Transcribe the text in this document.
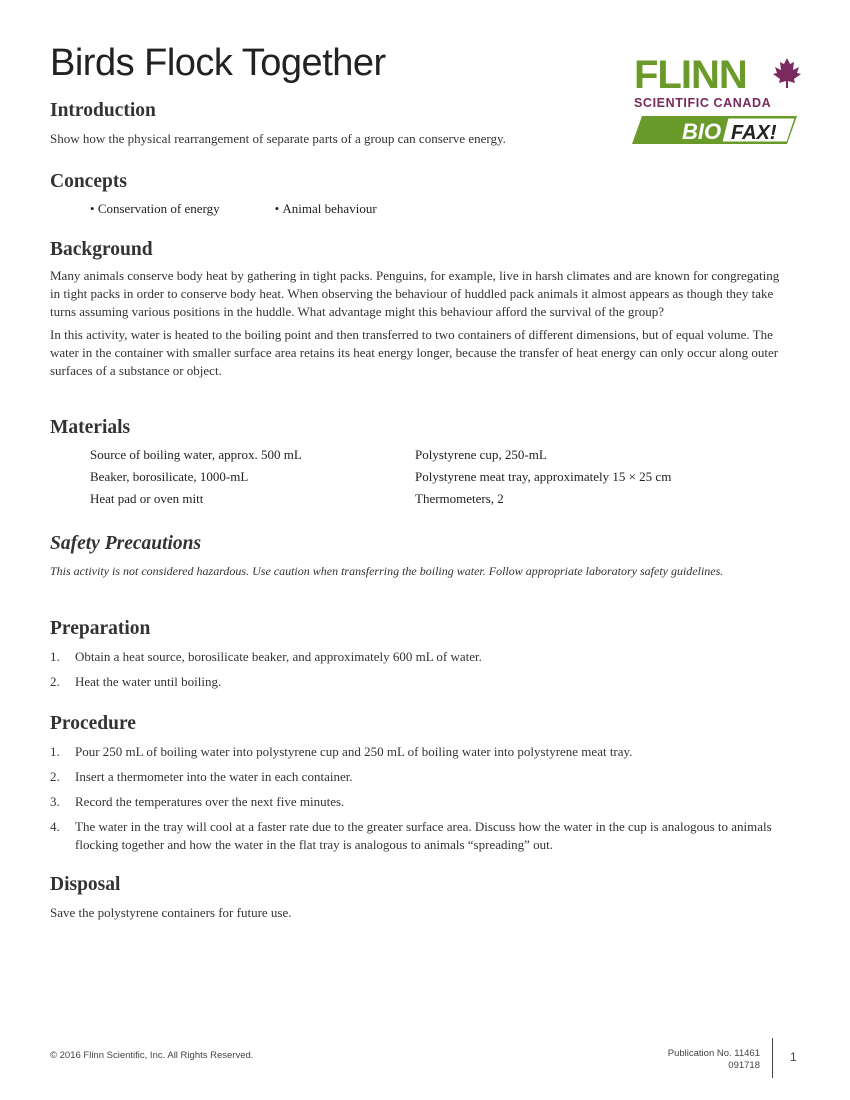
Birds Flock Together	FLINN
SCIENTIFIC CANADA
BIO FAX!
Introduction

Show how the physical rearrangement of separate parts of a group can conserve energy.

Concepts
• Conservation of energy	• Animal behaviour
Background

Many animals conserve body heat by gathering in tight packs. Penguins, for example, live in harsh climates and are known for congregating in tight packs in order to conserve body heat. When observing the behaviour of huddled pack animals it almost appears as though they take turns assuming various positions in the huddle. What advantage might this behaviour afford the survival of the group?

In this activity, water is heated to the boiling point and then transferred to two containers of different dimensions, but of equal volume. The water in the container with smaller surface area retains its heat energy longer, because the transfer of heat energy can only occur along outer surfaces of a substance or object.

Materials
Source of boiling water, approx. 500 mL	Polystyrene cup, 250-mL
Beaker, borosilicate, 1000-mL	Polystyrene meat tray, approximately 15 × 25 cm
Heat pad or oven mitt	Thermometers, 2
Safety Precautions

This activity is not considered hazardous. Use caution when transferring the boiling water. Follow appropriate laboratory safety guidelines.

Preparation
1.	Obtain a heat source, borosilicate beaker, and approximately 600 mL of water.
2.	Heat the water until boiling.
Procedure
1.	Pour 250 mL of boiling water into polystyrene cup and 250 mL of boiling water into polystyrene meat tray.
2.	Insert a thermometer into the water in each container.
3.	Record the temperatures over the next five minutes.
4.	The water in the tray will cool at a faster rate due to the greater surface area. Discuss how the water in the cup is analogous to animals flocking together and how the water in the flat tray is analogous to animals “spreading” out.
Disposal

Save the polystyrene containers for future use.

© 2016 Flinn Scientific, Inc. All Rights Reserved.	Publication No. 11461
091718
1
